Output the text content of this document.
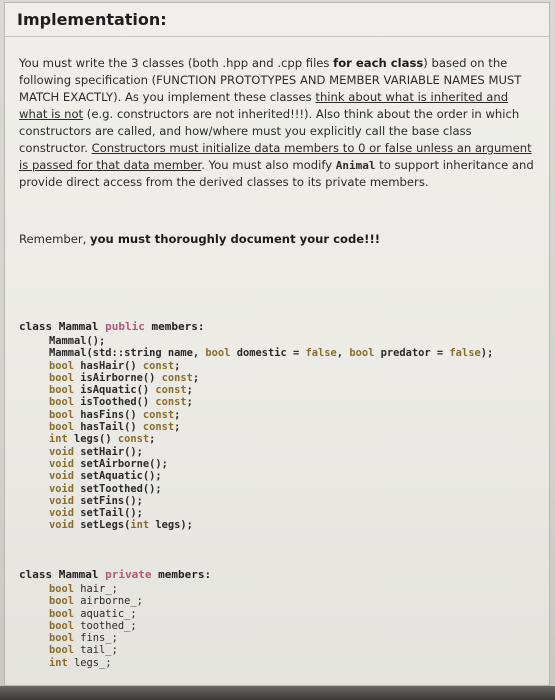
Implementation:

You must write the 3 classes (both .hpp and .cpp files for each class) based on the following specification (FUNCTION PROTOTYPES AND MEMBER VARIABLE NAMES MUST MATCH EXACTLY). As you implement these classes think about what is inherited and what is not (e.g. constructors are not inherited!!!). Also think about the order in which constructors are called, and how/where must you explicitly call the base class constructor. Constructors must initialize data members to 0 or false unless an argument is passed for that data member. You must also modify Animal to support inheritance and provide direct access from the derived classes to its private members.

Remember, you must thoroughly document your code!!!

class Mammal public members:

Mammal();
Mammal(std::string name, bool domestic = false, bool predator = false);
bool hasHair() const;
bool isAirborne() const;
bool isAquatic() const;
bool isToothed() const;
bool hasFins() const;
bool hasTail() const;
int legs() const;
void setHair();
void setAirborne();
void setAquatic();
void setToothed();
void setFins();
void setTail();
void setLegs(int legs);

class Mammal private members:

bool hair_;
bool airborne_;
bool aquatic_;
bool toothed_;
bool fins_;
bool tail_;
int legs_;
